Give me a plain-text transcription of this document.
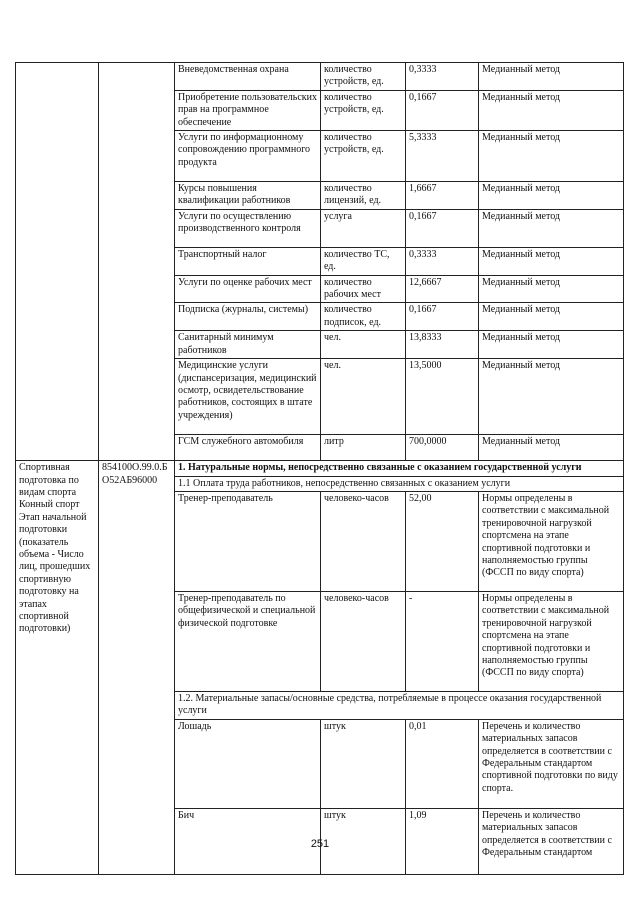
		Вневедомственная охрана	количество устройств, ед.	0,3333	Медианный метод
		Приобретение пользовательских прав на программное обеспечение	количество устройств, ед.	0,1667	Медианный метод
		Услуги по информационному сопровождению программного продукта	количество устройств, ед.	5,3333	Медианный метод
		Курсы повышения квалификации работников	количество лицензий, ед.	1,6667	Медианный метод
		Услуги по осуществлению производственного контроля	услуга	0,1667	Медианный метод
		Транспортный налог	количество ТС, ед.	0,3333	Медианный метод
		Услуги по оценке рабочих мест	количество рабочих мест	12,6667	Медианный метод
		Подписка (журналы, системы)	количество подписок, ед.	0,1667	Медианный метод
		Санитарный минимум работников	чел.	13,8333	Медианный метод
		Медицинские услуги (диспансеризация, медицинский осмотр, освидетельствование работников, состоящих в штате учреждения)	чел.	13,5000	Медианный метод
		ГСМ служебного автомобиля	литр	700,0000	Медианный метод
Спортивная подготовка по видам спорта Конный спорт Этап начальной подготовки (показатель объема - Число лиц, прошедших спортивную подготовку на этапах спортивной подготовки)	854100О.99.0.БО52АБ96000	1. Натуральные нормы, непосредственно связанные с оказанием государственной услуги			
		1.1 Оплата труда работников, непосредственно связанных с оказанием услуги			
		Тренер-преподаватель	человеко-часов	52,00	Нормы определены в соответствии с максимальной тренировочной нагрузкой спортсмена на этапе спортивной подготовки и наполняемостью группы (ФССП по виду спорта)
		Тренер-преподаватель по общефизической и специальной физической подготовке	человеко-часов	-	Нормы определены в соответствии с максимальной тренировочной нагрузкой спортсмена на этапе спортивной подготовки и наполняемостью группы (ФССП по виду спорта)
		1.2. Материальные запасы/основные средства, потребляемые в процессе оказания государственной услуги			
		Лошадь	штук	0,01	Перечень и количество материальных запасов определяется в соответствии с Федеральным стандартом спортивной подготовки по виду спорта.
		Бич	штук	1,09	Перечень и количество материальных запасов определяется в соответствии с Федеральным стандартом
251
